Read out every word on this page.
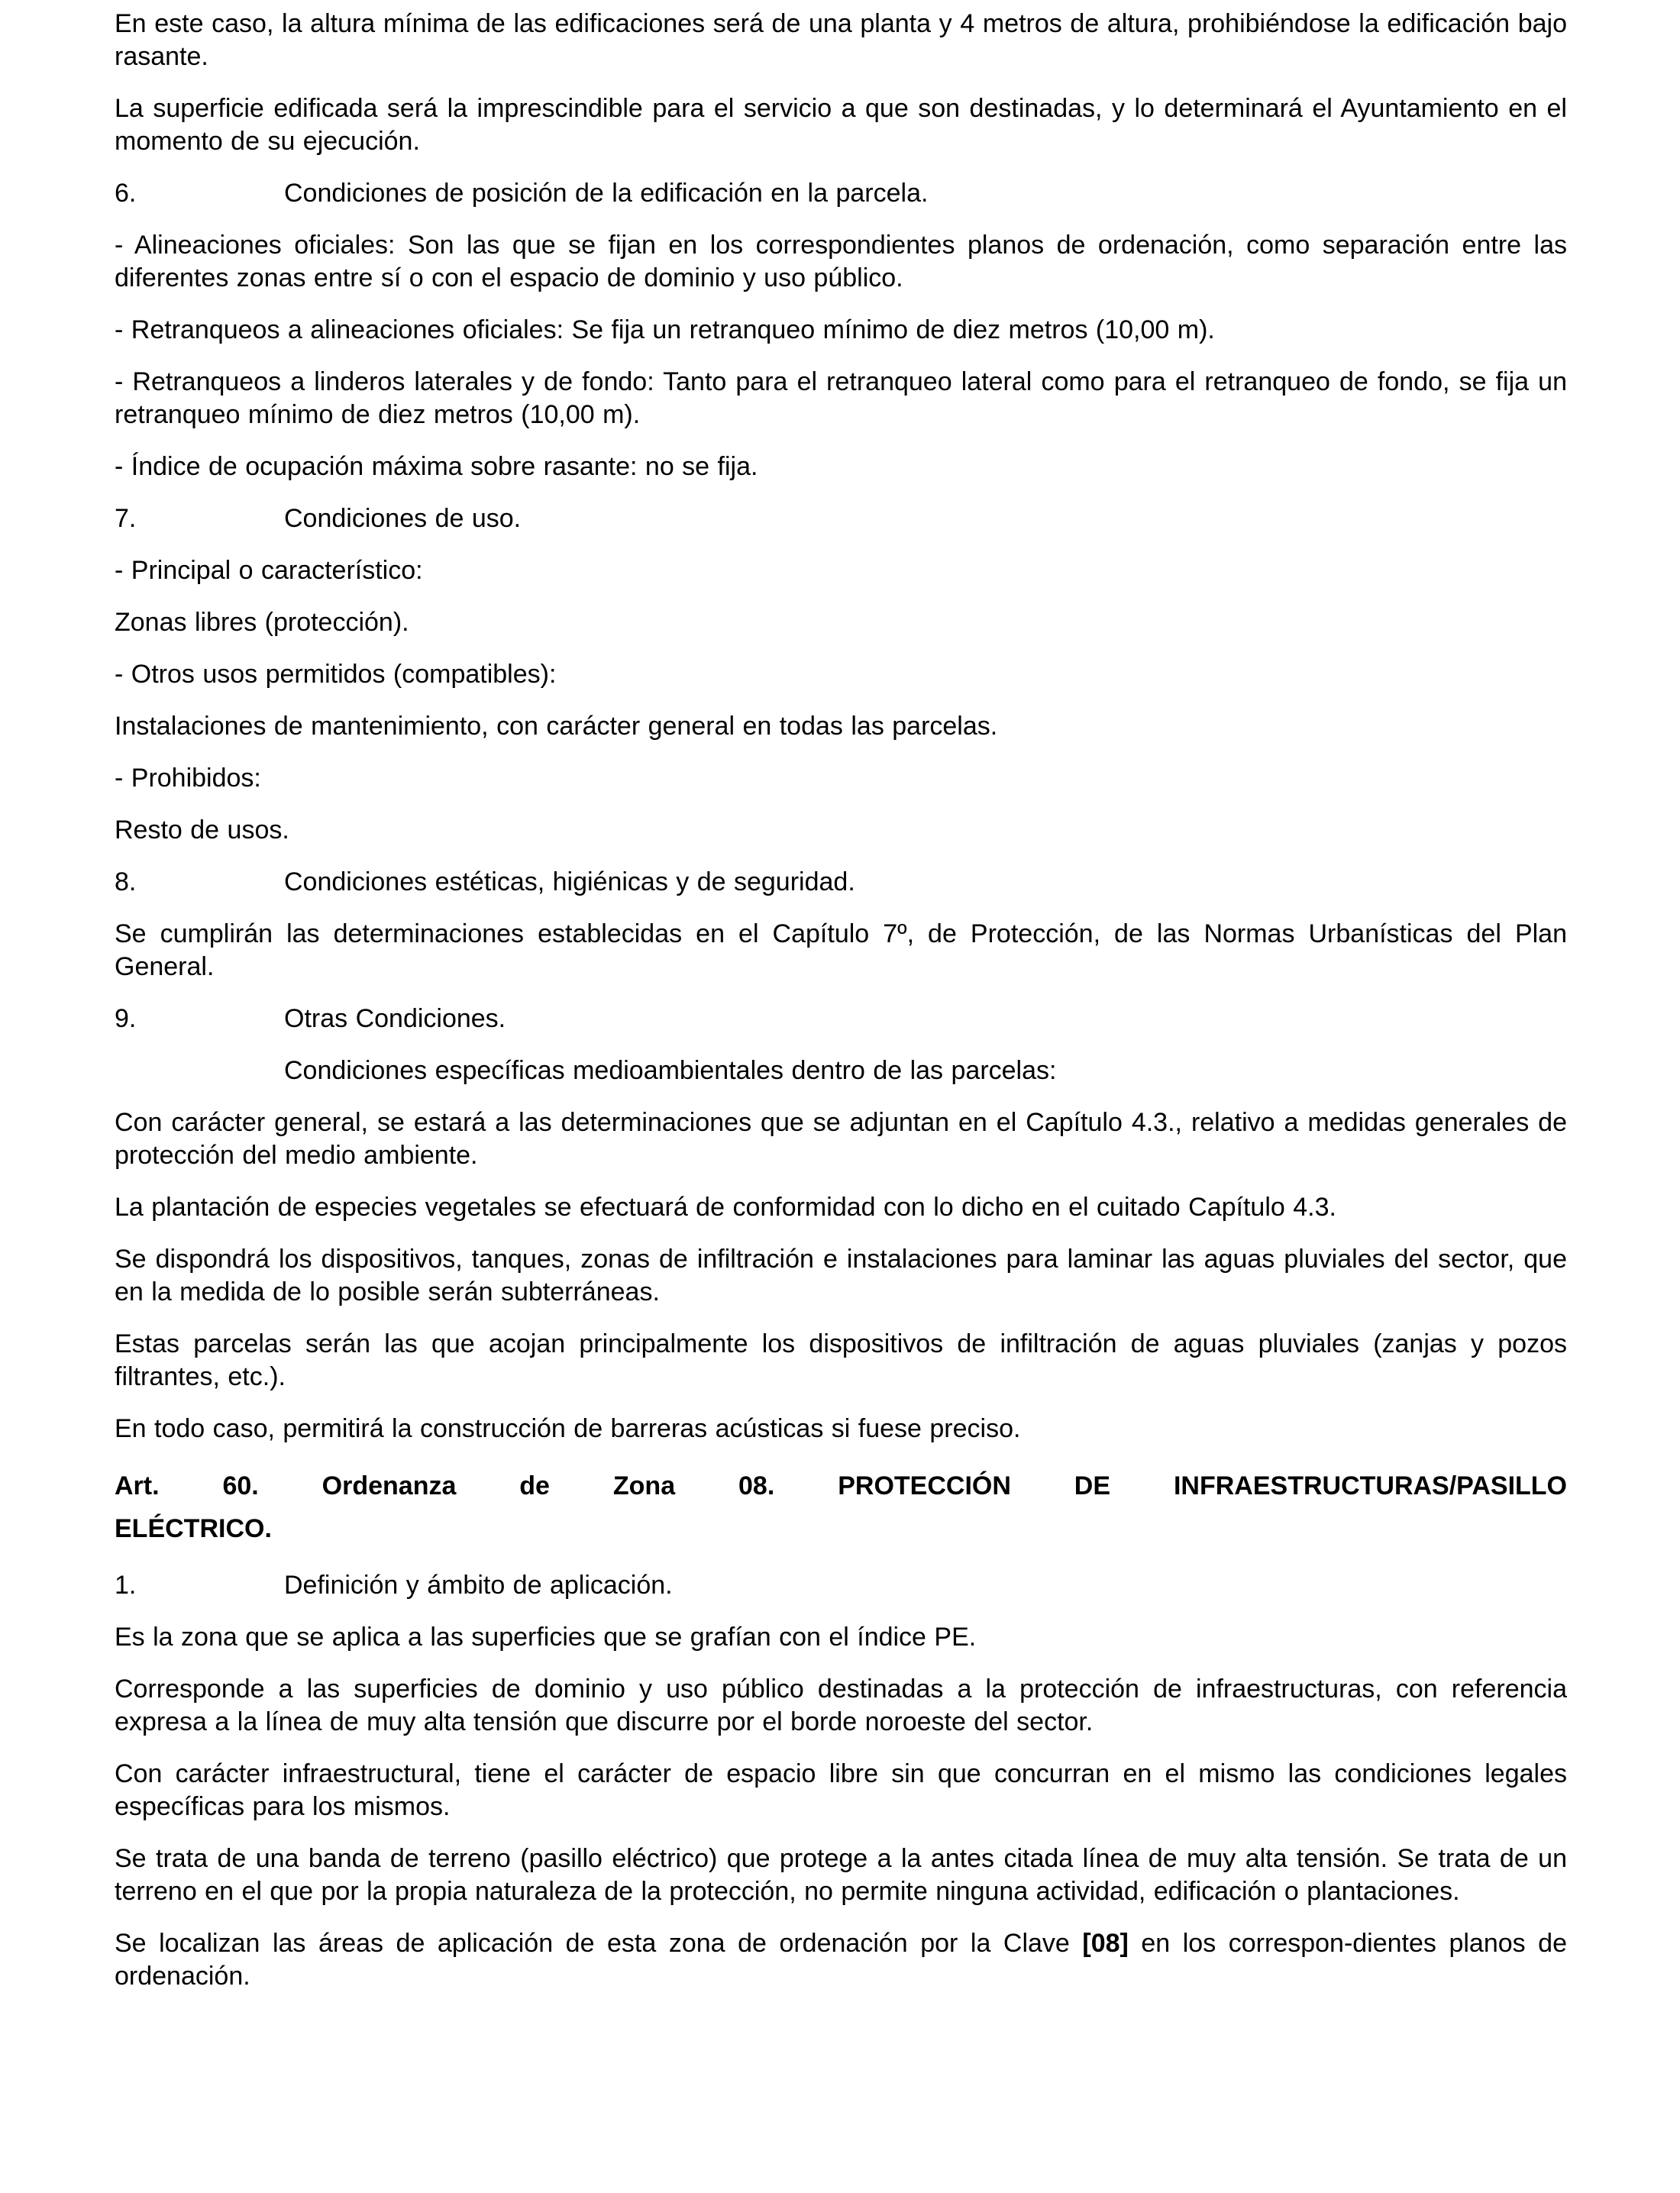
En este caso, la altura mínima de las edificaciones será de una planta y 4 metros de altura, prohibiéndose la edificación bajo rasante.

La superficie edificada será la imprescindible para el servicio a que son destinadas, y lo determinará el Ayuntamiento en el momento de su ejecución.

6.	Condiciones de posición de la edificación en la parcela.

- Alineaciones oficiales: Son las que se fijan en los correspondientes planos de ordenación, como separación entre las diferentes zonas entre sí o con el espacio de dominio y uso público.

- Retranqueos a alineaciones oficiales: Se fija un retranqueo mínimo de diez metros (10,00 m).

- Retranqueos a linderos laterales y de fondo: Tanto para el retranqueo lateral como para el retranqueo de fondo, se fija un retranqueo mínimo de diez metros (10,00 m).

- Índice de ocupación máxima sobre rasante: no se fija.

7.	Condiciones de uso.

- Principal o característico:

Zonas libres (protección).

- Otros usos permitidos (compatibles):

Instalaciones de mantenimiento, con carácter general en todas las parcelas.

- Prohibidos:

Resto de usos.

8.	Condiciones estéticas, higiénicas y de seguridad.

Se cumplirán las determinaciones establecidas en el Capítulo 7º, de Protección, de las Normas Urbanísticas del Plan General.

9.	Otras Condiciones.

Condiciones específicas medioambientales dentro de las parcelas:

Con carácter general, se estará a las determinaciones que se adjuntan en el Capítulo 4.3., relativo a medidas generales de protección del medio ambiente.

La plantación de especies vegetales se efectuará de conformidad con lo dicho en el cuitado Capítulo 4.3.

Se dispondrá los dispositivos, tanques, zonas de infiltración e instalaciones para laminar las aguas pluviales del sector, que en la medida de lo posible serán subterráneas.

Estas parcelas serán las que acojan principalmente los dispositivos de infiltración de aguas pluviales (zanjas y pozos filtrantes, etc.).

En todo caso, permitirá la construcción de barreras acústicas si fuese preciso.

Art. 60. Ordenanza de Zona 08. PROTECCIÓN DE INFRAESTRUCTURAS/PASILLO
ELÉCTRICO.
1.	Definición y ámbito de aplicación.

Es la zona que se aplica a las superficies que se grafían con el índice PE.

Corresponde a las superficies de dominio y uso público destinadas a la protección de infraestructuras, con referencia expresa a la línea de muy alta tensión que discurre por el borde noroeste del sector.

Con carácter infraestructural, tiene el carácter de espacio libre sin que concurran en el mismo las condiciones legales específicas para los mismos.

Se trata de una banda de terreno (pasillo eléctrico) que protege a la antes citada línea de muy alta tensión. Se trata de un terreno en el que por la propia naturaleza de la protección, no permite ninguna actividad, edificación o plantaciones.

Se localizan las áreas de aplicación de esta zona de ordenación por la Clave [08] en los correspon-dientes planos de ordenación.
